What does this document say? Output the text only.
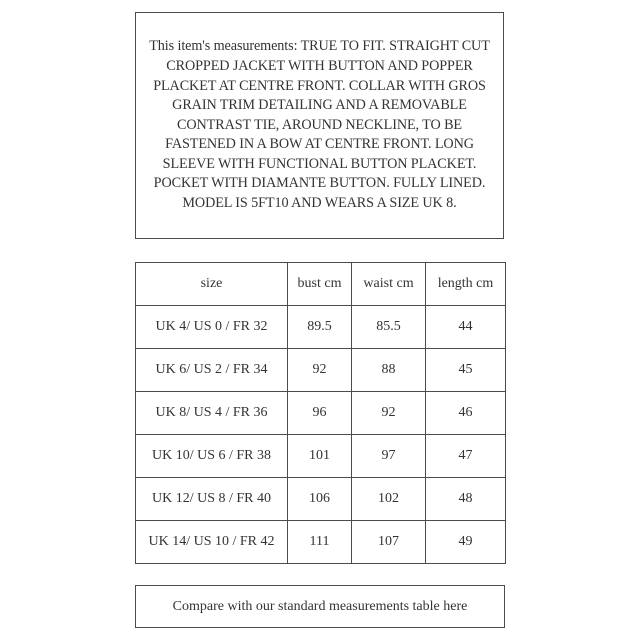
This item's measurements: TRUE TO FIT. STRAIGHT CUT CROPPED JACKET WITH BUTTON AND POPPER PLACKET AT CENTRE FRONT. COLLAR WITH GROS GRAIN TRIM DETAILING AND A REMOVABLE CONTRAST TIE, AROUND NECKLINE, TO BE FASTENED IN A BOW AT CENTRE FRONT. LONG SLEEVE WITH FUNCTIONAL BUTTON PLACKET. POCKET WITH DIAMANTE BUTTON. FULLY LINED. MODEL IS 5FT10 AND WEARS A SIZE UK 8.

size	bust cm	waist cm	length cm
UK 4/ US 0 / FR 32	89.5	85.5	44
UK 6/ US 2 / FR 34	92	88	45
UK 8/ US 4 / FR 36	96	92	46
UK 10/ US 6 / FR 38	101	97	47
UK 12/ US 8 / FR 40	106	102	48
UK 14/ US 10 / FR 42	111	107	49
Compare with our standard measurements table here
